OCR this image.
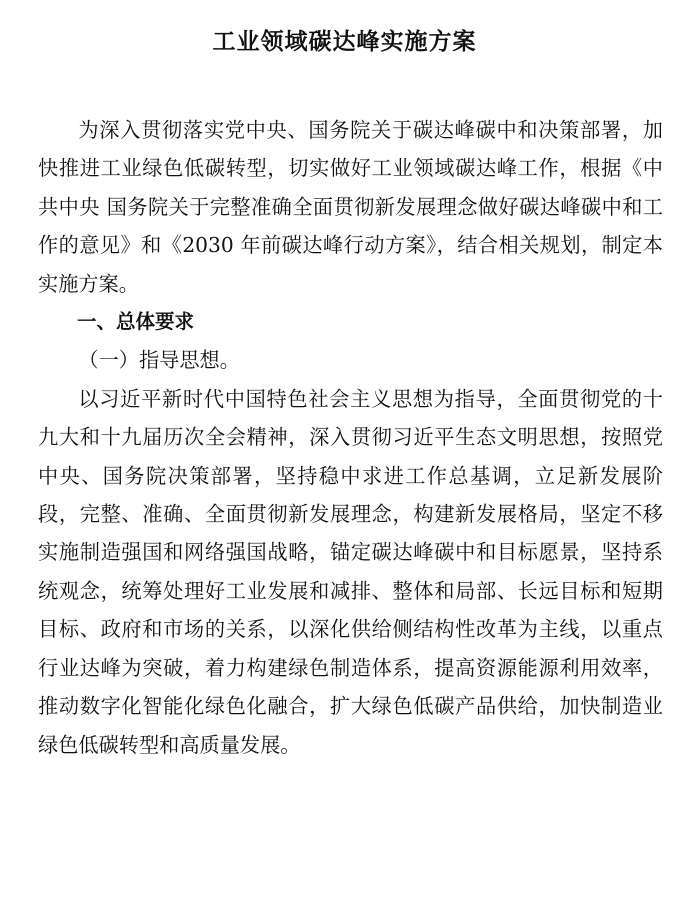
工业领域碳达峰实施方案

为深入贯彻落实党中央、国务院关于碳达峰碳中和决策部署，加快推进工业绿色低碳转型，切实做好工业领域碳达峰工作，根据《中共中央 国务院关于完整准确全面贯彻新发展理念做好碳达峰碳中和工作的意见》和《2030 年前碳达峰行动方案》，结合相关规划，制定本实施方案。

一、总体要求

（一）指导思想。

以习近平新时代中国特色社会主义思想为指导，全面贯彻党的十九大和十九届历次全会精神，深入贯彻习近平生态文明思想，按照党中央、国务院决策部署，坚持稳中求进工作总基调，立足新发展阶段，完整、准确、全面贯彻新发展理念，构建新发展格局，坚定不移实施制造强国和网络强国战略，锚定碳达峰碳中和目标愿景，坚持系统观念，统筹处理好工业发展和减排、整体和局部、长远目标和短期目标、政府和市场的关系，以深化供给侧结构性改革为主线，以重点行业达峰为突破，着力构建绿色制造体系，提高资源能源利用效率，推动数字化智能化绿色化融合，扩大绿色低碳产品供给，加快制造业绿色低碳转型和高质量发展。
